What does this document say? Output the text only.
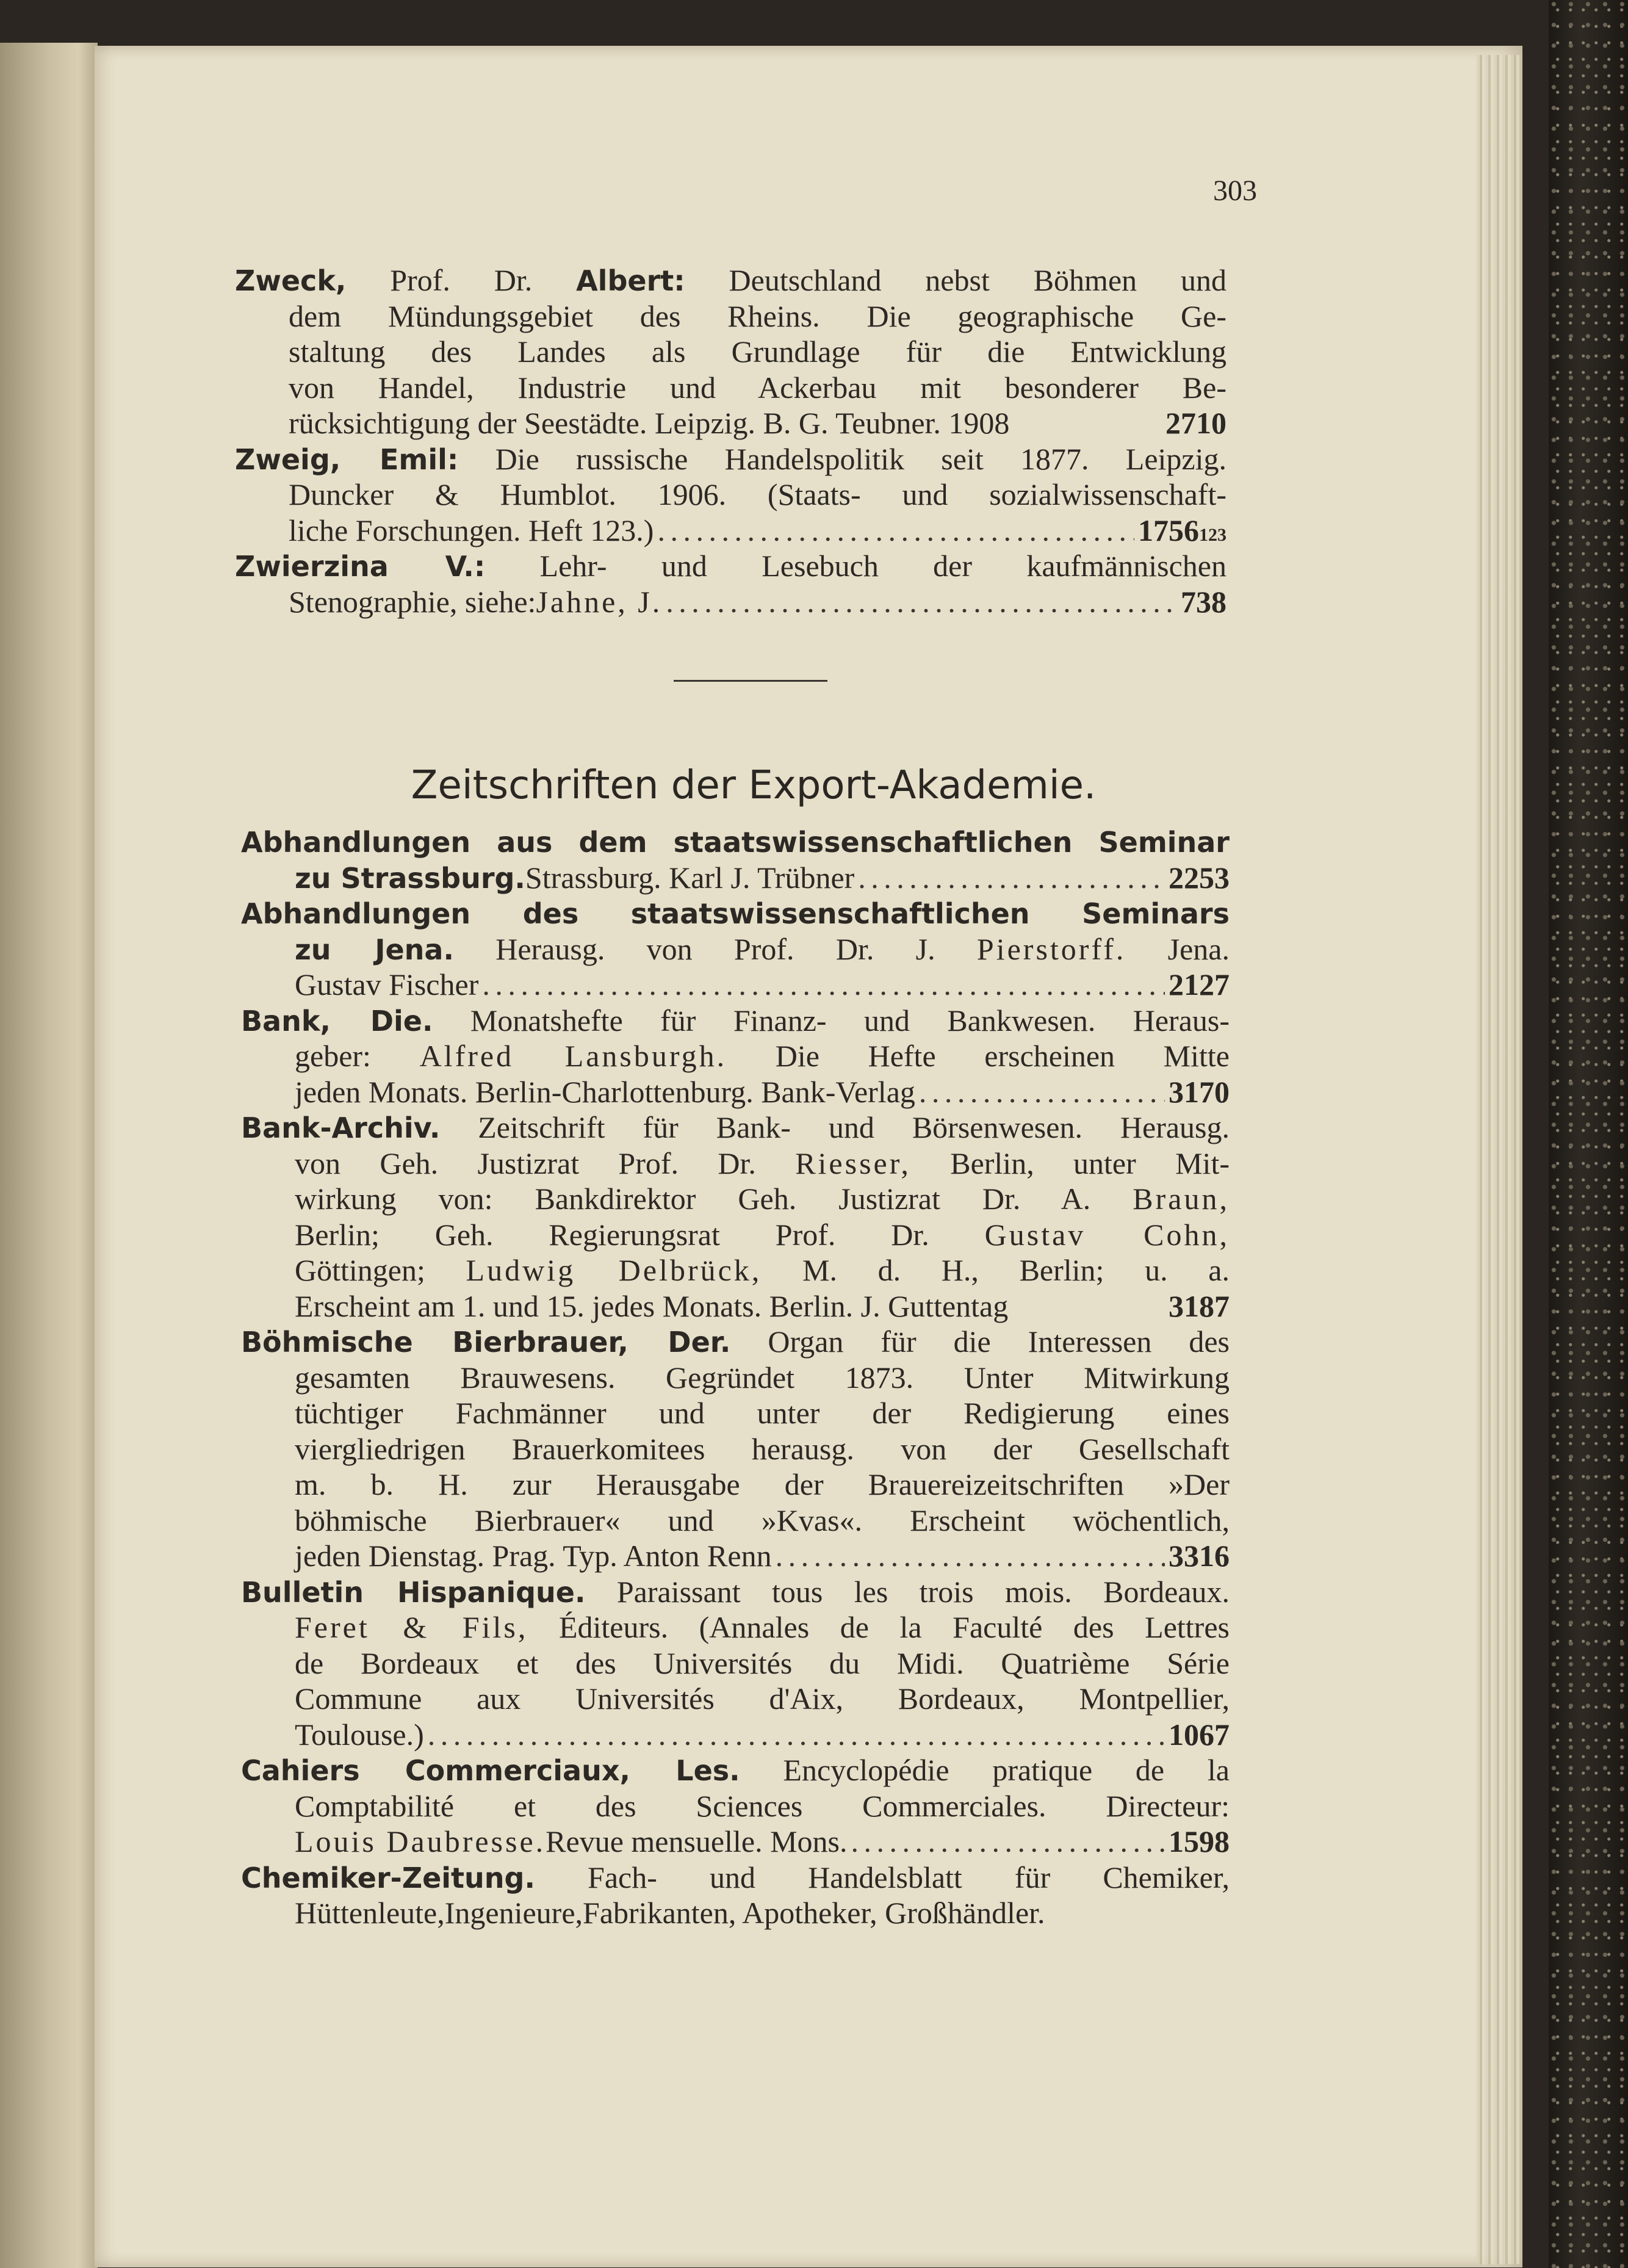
303
Zweck, Prof. Dr. Albert: Deutschland nebst Böhmen und
dem Mündungsgebiet des Rheins. Die geographische Ge-
staltung des Landes als Grundlage für die Entwicklung
von Handel, Industrie und Ackerbau mit besonderer Be-
rücksichtigung der Seestädte. Leipzig. B. G. Teubner. 1908	2710
Zweig, Emil: Die russische Handelspolitik seit 1877. Leipzig.
Duncker & Humblot. 1906. (Staats- und sozialwissenschaft-
liche Forschungen. Heft 123.) . . .	1756 123
Zwierzina V.: Lehr- und Lesebuch der kaufmännischen
Stenographie, siehe: Jahne, J. . . .	738
Zeitschriften der Export-Akademie.
Abhandlungen aus dem staatswissenschaftlichen Seminar
zu Strassburg. Strassburg. Karl J. Trübner . . .	2253
Abhandlungen des staatswissenschaftlichen Seminars
zu Jena. Herausg. von Prof. Dr. J. Pierstorff. Jena.
Gustav Fischer . . .	2127
Bank, Die. Monatshefte für Finanz- und Bankwesen. Heraus-
geber: Alfred Lansburgh. Die Hefte erscheinen Mitte
jeden Monats. Berlin-Charlottenburg. Bank-Verlag . . .	3170
Bank-Archiv. Zeitschrift für Bank- und Börsenwesen. Herausg.
von Geh. Justizrat Prof. Dr. Riesser, Berlin, unter Mit-
wirkung von: Bankdirektor Geh. Justizrat Dr. A. Braun,
Berlin; Geh. Regierungsrat Prof. Dr. Gustav Cohn,
Göttingen; Ludwig Delbrück, M. d. H., Berlin; u. a.
Erscheint am 1. und 15. jedes Monats. Berlin. J. Guttentag	3187
Böhmische Bierbrauer, Der. Organ für die Interessen des
gesamten Brauwesens. Gegründet 1873. Unter Mitwirkung
tüchtiger Fachmänner und unter der Redigierung eines
viergliedrigen Brauerkomitees herausg. von der Gesellschaft
m. b. H. zur Herausgabe der Brauereizeitschriften »Der
böhmische Bierbrauer« und »Kvas«. Erscheint wöchentlich,
jeden Dienstag. Prag. Typ. Anton Renn . . .	3316
Bulletin Hispanique. Paraissant tous les trois mois. Bordeaux.
Feret & Fils, Éditeurs. (Annales de la Faculté des Lettres
de Bordeaux et des Universités du Midi. Quatrième Série
Commune aux Universités d'Aix, Bordeaux, Montpellier,
Toulouse.) . . .	1067
Cahiers Commerciaux, Les. Encyclopédie pratique de la
Comptabilité et des Sciences Commerciales. Directeur:
Louis Daubresse. Revue mensuelle. Mons. . . .	1598
Chemiker-Zeitung. Fach- und Handelsblatt für Chemiker,
Hüttenleute,Ingenieure,Fabrikanten, Apotheker, Großhändler.
